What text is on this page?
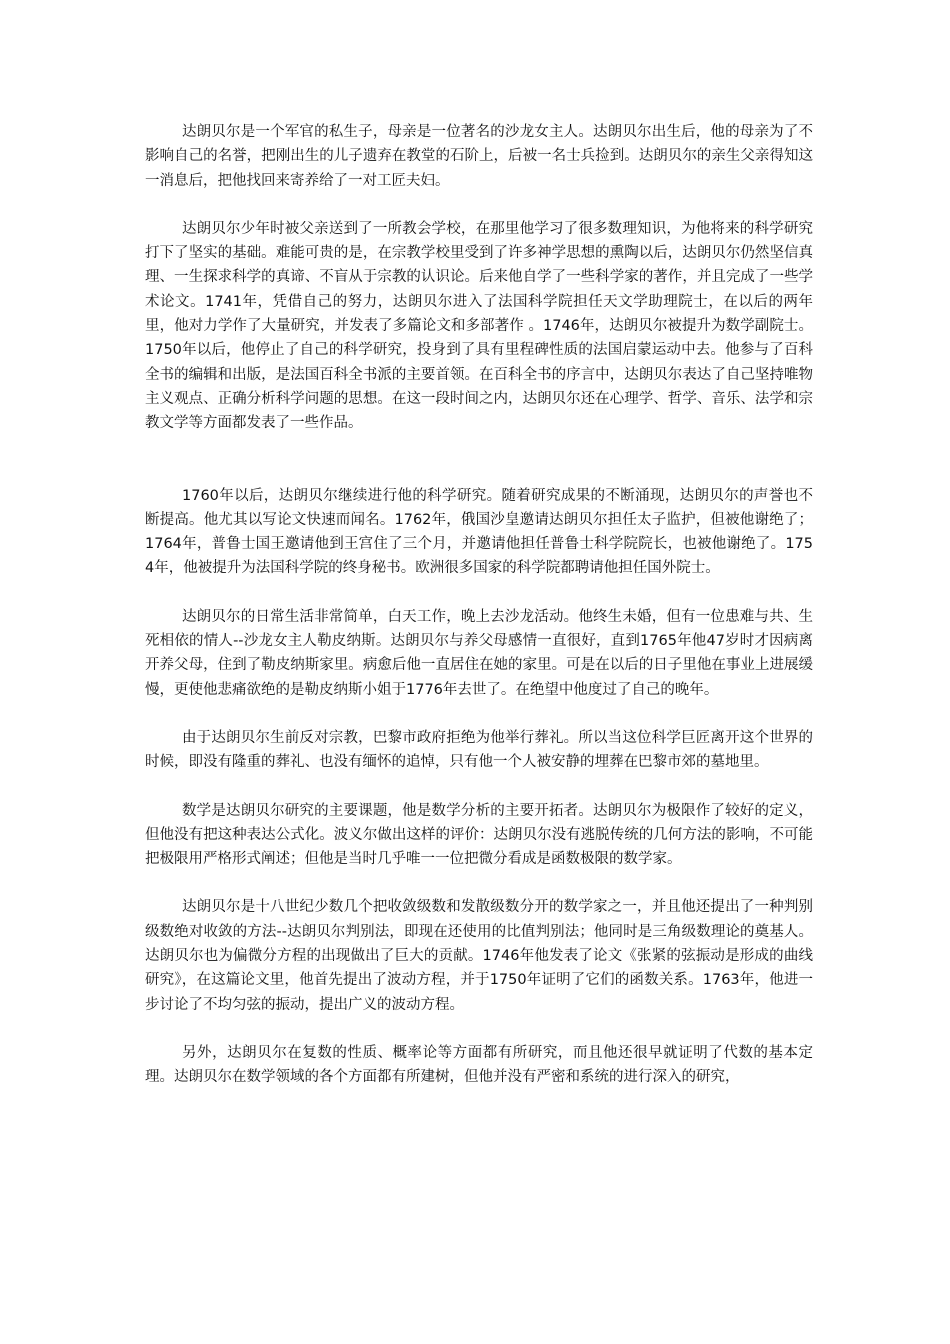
达朗贝尔是一个军官的私生子，母亲是一位著名的沙龙女主人。达朗贝尔出生后，他的母亲为了不影响自己的名誉，把刚出生的儿子遗弃在教堂的石阶上，后被一名士兵捡到。达朗贝尔的亲生父亲得知这一消息后，把他找回来寄养给了一对工匠夫妇。

达朗贝尔少年时被父亲送到了一所教会学校，在那里他学习了很多数理知识，为他将来的科学研究打下了坚实的基础。难能可贵的是，在宗教学校里受到了许多神学思想的熏陶以后，达朗贝尔仍然坚信真理、一生探求科学的真谛、不盲从于宗教的认识论。后来他自学了一些科学家的著作，并且完成了一些学术论文。1741年，凭借自己的努力，达朗贝尔进入了法国科学院担任天文学助理院士，在以后的两年里，他对力学作了大量研究，并发表了多篇论文和多部著作 。1746年，达朗贝尔被提升为数学副院士。1750年以后，他停止了自己的科学研究，投身到了具有里程碑性质的法国启蒙运动中去。他参与了百科全书的编辑和出版，是法国百科全书派的主要首领。在百科全书的序言中，达朗贝尔表达了自己坚持唯物主义观点、正确分析科学问题的思想。在这一段时间之内，达朗贝尔还在心理学、哲学、音乐、法学和宗教文学等方面都发表了一些作品。

1760年以后，达朗贝尔继续进行他的科学研究。随着研究成果的不断涌现，达朗贝尔的声誉也不断提高。他尤其以写论文快速而闻名。1762年，俄国沙皇邀请达朗贝尔担任太子监护，但被他谢绝了；1764年，普鲁士国王邀请他到王宫住了三个月，并邀请他担任普鲁士科学院院长，也被他谢绝了。1754年，他被提升为法国科学院的终身秘书。欧洲很多国家的科学院都聘请他担任国外院士。

达朗贝尔的日常生活非常简单，白天工作，晚上去沙龙活动。他终生未婚，但有一位患难与共、生死相依的情人--沙龙女主人勒皮纳斯。达朗贝尔与养父母感情一直很好，直到1765年他47岁时才因病离开养父母，住到了勒皮纳斯家里。病愈后他一直居住在她的家里。可是在以后的日子里他在事业上进展缓慢，更使他悲痛欲绝的是勒皮纳斯小姐于1776年去世了。在绝望中他度过了自己的晚年。

由于达朗贝尔生前反对宗教，巴黎市政府拒绝为他举行葬礼。所以当这位科学巨匠离开这个世界的时候，即没有隆重的葬礼、也没有缅怀的追悼，只有他一个人被安静的埋葬在巴黎市郊的墓地里。

数学是达朗贝尔研究的主要课题，他是数学分析的主要开拓者。达朗贝尔为极限作了较好的定义，但他没有把这种表达公式化。波义尔做出这样的评价：达朗贝尔没有逃脱传统的几何方法的影响，不可能把极限用严格形式阐述；但他是当时几乎唯一一位把微分看成是函数极限的数学家。

达朗贝尔是十八世纪少数几个把收敛级数和发散级数分开的数学家之一，并且他还提出了一种判别级数绝对收敛的方法--达朗贝尔判别法，即现在还使用的比值判别法；他同时是三角级数理论的奠基人。达朗贝尔也为偏微分方程的出现做出了巨大的贡献。1746年他发表了论文《张紧的弦振动是形成的曲线研究》，在这篇论文里，他首先提出了波动方程，并于1750年证明了它们的函数关系。1763年，他进一步讨论了不均匀弦的振动，提出广义的波动方程。

另外，达朗贝尔在复数的性质、概率论等方面都有所研究，而且他还很早就证明了代数的基本定理。达朗贝尔在数学领域的各个方面都有所建树，但他并没有严密和系统的进行深入的研究，
